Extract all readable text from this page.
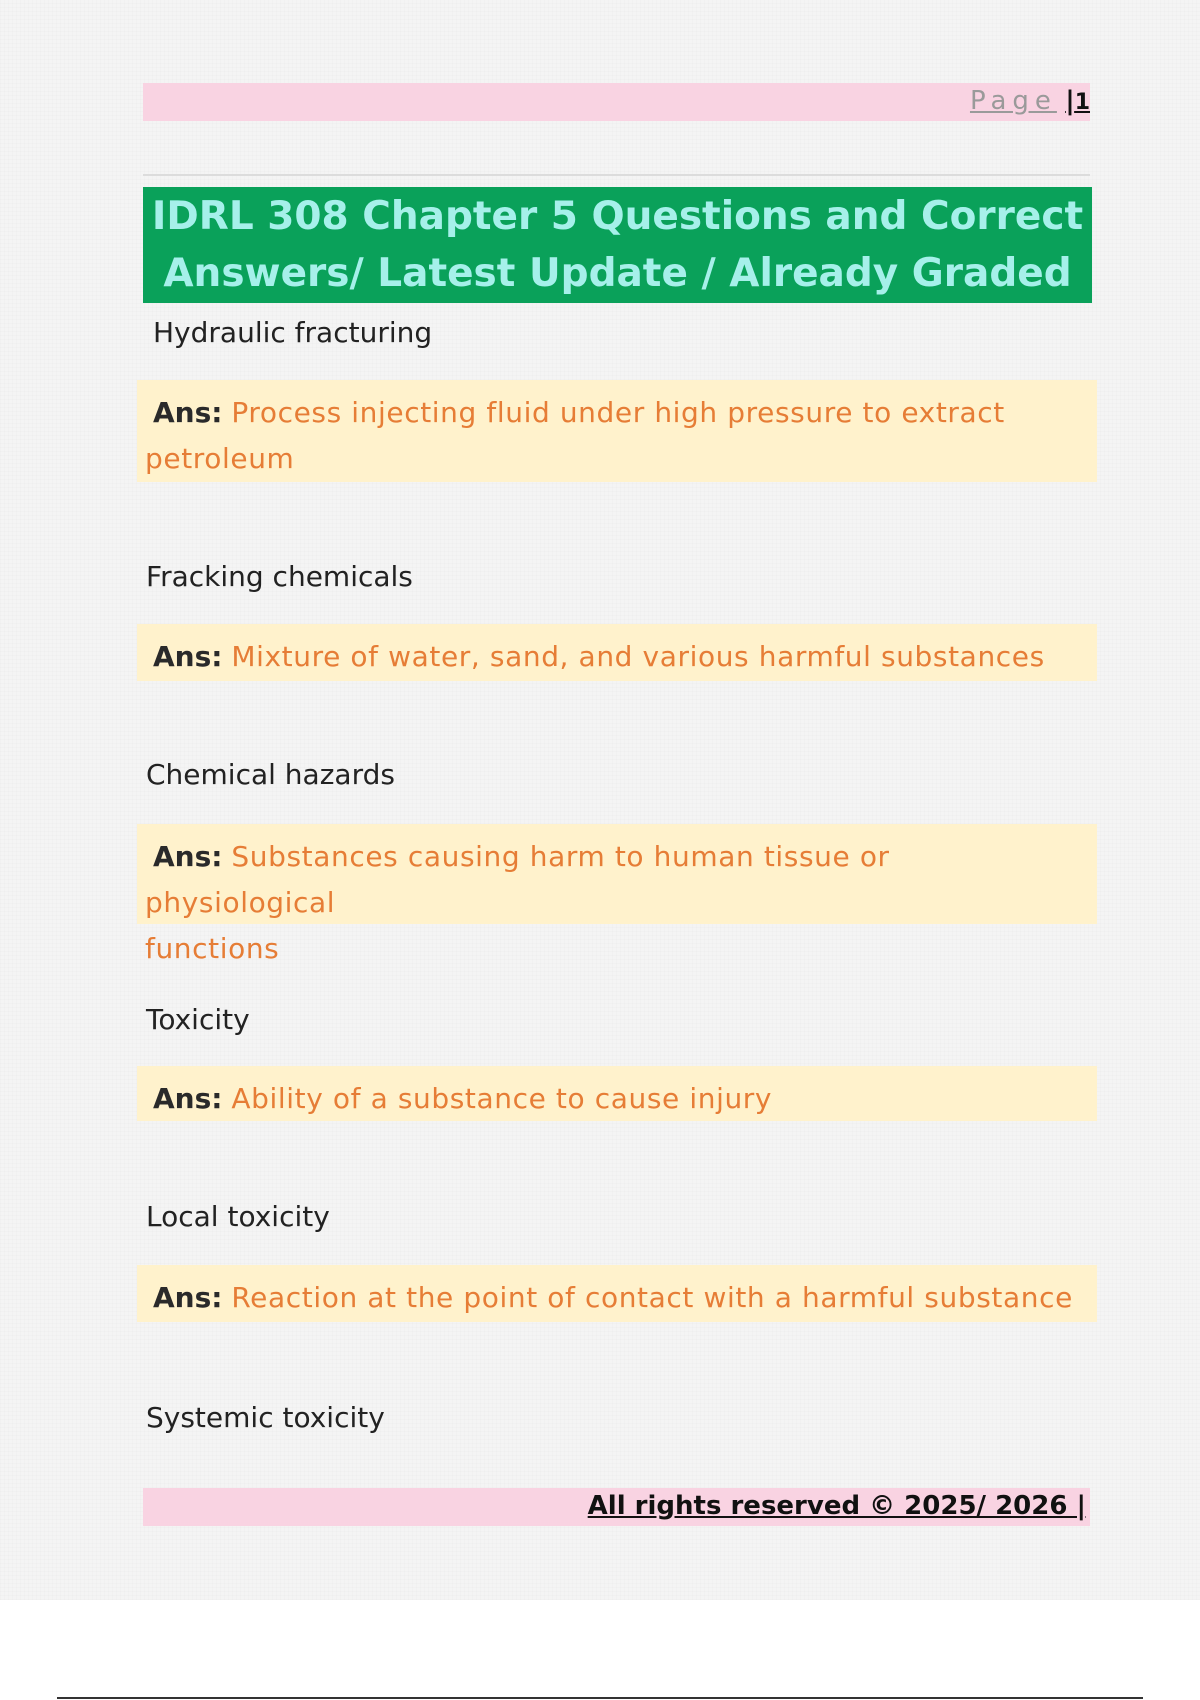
Page |1
IDRL 308 Chapter 5 Questions and Correct
Answers/ Latest Update / Already Graded
Hydraulic fracturing
Ans: Process injecting fluid under high pressure to extract
petroleum
Fracking chemicals
Ans: Mixture of water, sand, and various harmful substances
Chemical hazards
Ans: Substances causing harm to human tissue or physiological
functions
Toxicity
Ans: Ability of a substance to cause injury
Local toxicity
Ans: Reaction at the point of contact with a harmful substance
Systemic toxicity
All rights reserved © 2025/ 2026 |
